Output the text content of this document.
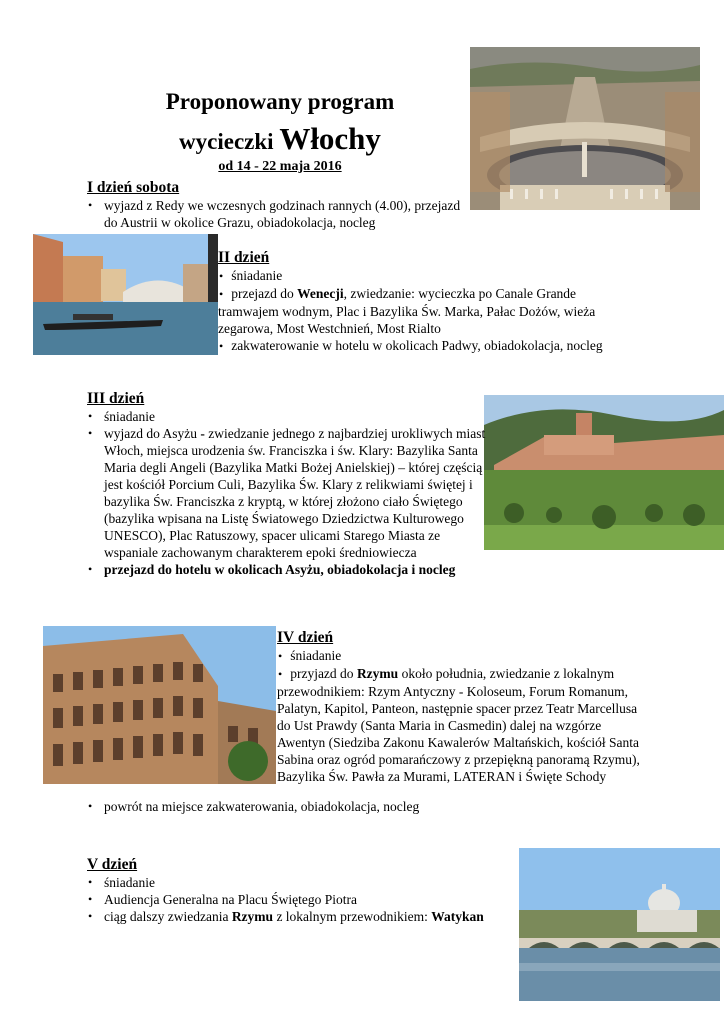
Proponowany program
wycieczki Włochy
od 14 - 22 maja 2016
I dzień sobota
• wyjazd z Redy we wczesnych godzinach rannych (4.00), przejazd do Austrii w okolice Grazu, obiadokolacja, nocleg
II dzień
• śniadanie
• przejazd do Wenecji, zwiedzanie: wycieczka po Canale Grande tramwajem wodnym, Plac i Bazylika Św. Marka, Pałac Dożów, wieża zegarowa, Most Westchnień, Most Rialto
• zakwaterowanie w hotelu w okolicach Padwy, obiadokolacja, nocleg
III dzień
• śniadanie
• wyjazd do Asyżu - zwiedzanie jednego z najbardziej urokliwych miast Włoch, miejsca urodzenia św. Franciszka i św. Klary: Bazylika Santa Maria degli Angeli (Bazylika Matki Bożej Anielskiej) – której częścią jest kościół Porcium Culi, Bazylika Św. Klary z relikwiami świętej i bazylika Św. Franciszka z kryptą, w której złożono ciało Świętego (bazylika wpisana na Listę Światowego Dziedzictwa Kulturowego UNESCO), Plac Ratuszowy, spacer ulicami Starego Miasta ze wspaniale zachowanym charakterem epoki średniowiecza
• przejazd do hotelu w okolicach Asyżu, obiadokolacja i nocleg
IV dzień
• śniadanie
• przyjazd do Rzymu około południa, zwiedzanie z lokalnym przewodnikiem: Rzym Antyczny - Koloseum, Forum Romanum, Palatyn, Kapitol, Panteon, następnie spacer przez Teatr Marcellusa do Ust Prawdy (Santa Maria in Casmedin) dalej na wzgórze Awentyn (Siedziba Zakonu Kawalerów Maltańskich, kościół Santa Sabina oraz ogród pomarańczowy z przepiękną panoramą Rzymu), Bazylika Św. Pawła za Murami, LATERAN i Święte Schody
• powrót na miejsce zakwaterowania, obiadokolacja, nocleg
V dzień
• śniadanie
• Audiencja Generalna na Placu Świętego Piotra
• ciąg dalszy zwiedzania Rzymu z lokalnym przewodnikiem: Watykan
